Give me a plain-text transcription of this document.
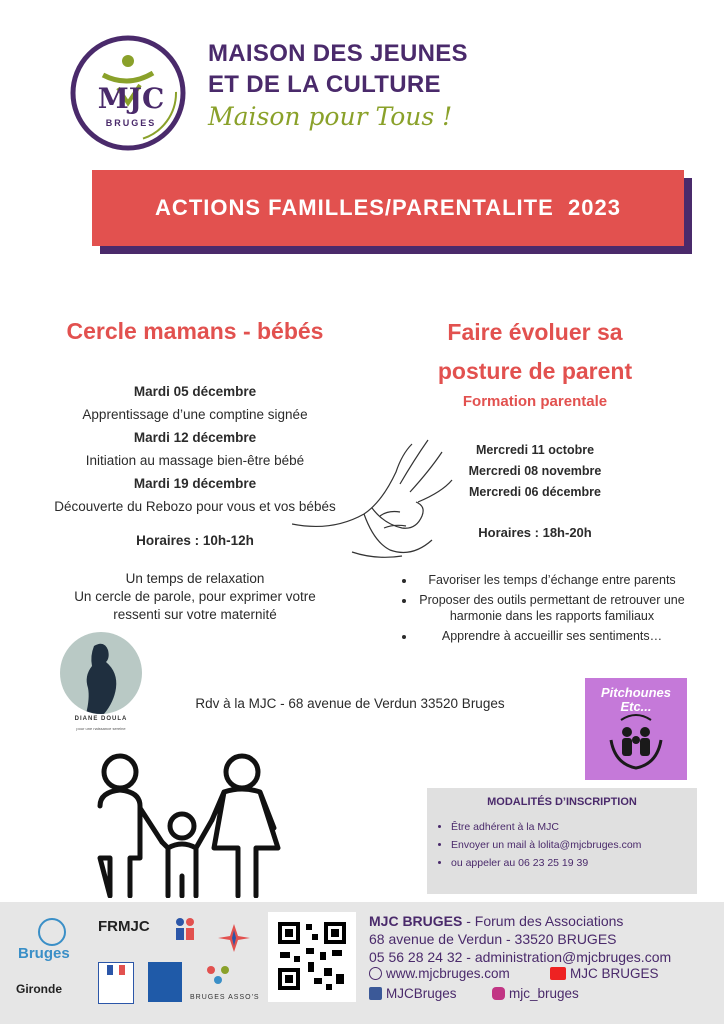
MJC
BRUGES
MAISON DES JEUNES
ET DE LA CULTURE
Maison pour Tous !
ACTIONS FAMILLES/PARENTALITE  2023
Cercle mamans - bébés
Mardi 05 décembre
Apprentissage d’une comptine signée
Mardi 12 décembre
Initiation au massage bien-être bébé
Mardi 19 décembre
Découverte du Rebozo pour vous et vos bébés
Horaires : 10h-12h
Un temps de relaxation
Un cercle de parole, pour exprimer votre
ressenti sur votre maternité
Faire évoluer sa
posture de parent
Formation parentale
Mercredi 11 octobre
Mercredi 08 novembre
Mercredi 06 décembre
Horaires : 18h-20h
• Favoriser les temps d’échange entre parents
• Proposer des outils permettant de retrouver une harmonie dans les rapports familiaux
• Apprendre à accueillir ses sentiments…
DIANE DOULA
pour une naissance sereine
Rdv à la MJC - 68 avenue de Verdun 33520 Bruges
Pitchounes
Etc...
MODALITÉS D’INSCRIPTION
• Être adhérent à la MJC
• Envoyer un mail à lolita@mjcbruges.com
• ou appeler au 06 23 25 19 39
Bruges
FRMJC
Gironde
BRUGES ASSO'S
MJC BRUGES - Forum des Associations
68 avenue de Verdun - 33520 BRUGES
05 56 28 24 32 - administration@mjcbruges.com
www.mjcbruges.com	MJC BRUGES
MJCBruges	mjc_bruges
